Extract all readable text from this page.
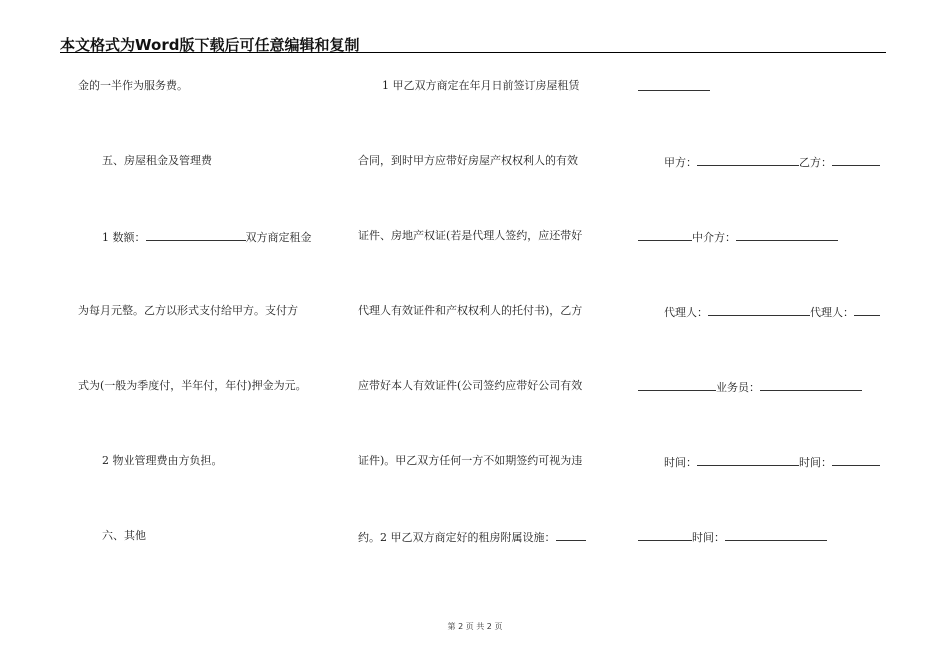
本文格式为Word版下载后可任意编辑和复制
金的一半作为服务费。
五、房屋租金及管理费
1 数额：	双方商定租金
为每月元整。乙方以形式支付给甲方。支付方
式为(一般为季度付，半年付，年付)押金为元。
2 物业管理费由方负担。
六、其他
1 甲乙双方商定在年月日前签订房屋租赁
合同，到时甲方应带好房屋产权权利人的有效
证件、房地产权证(若是代理人签约，应还带好
代理人有效证件和产权权利人的托付书)，乙方
应带好本人有效证件(公司签约应带好公司有效
证件)。甲乙双方任何一方不如期签约可视为违
约。2 甲乙双方商定好的租房附属设施：
甲方：	乙方：
中介方：
代理人：	代理人：
业务员：
时间：	时间：
时间：
第 2 页 共 2 页
